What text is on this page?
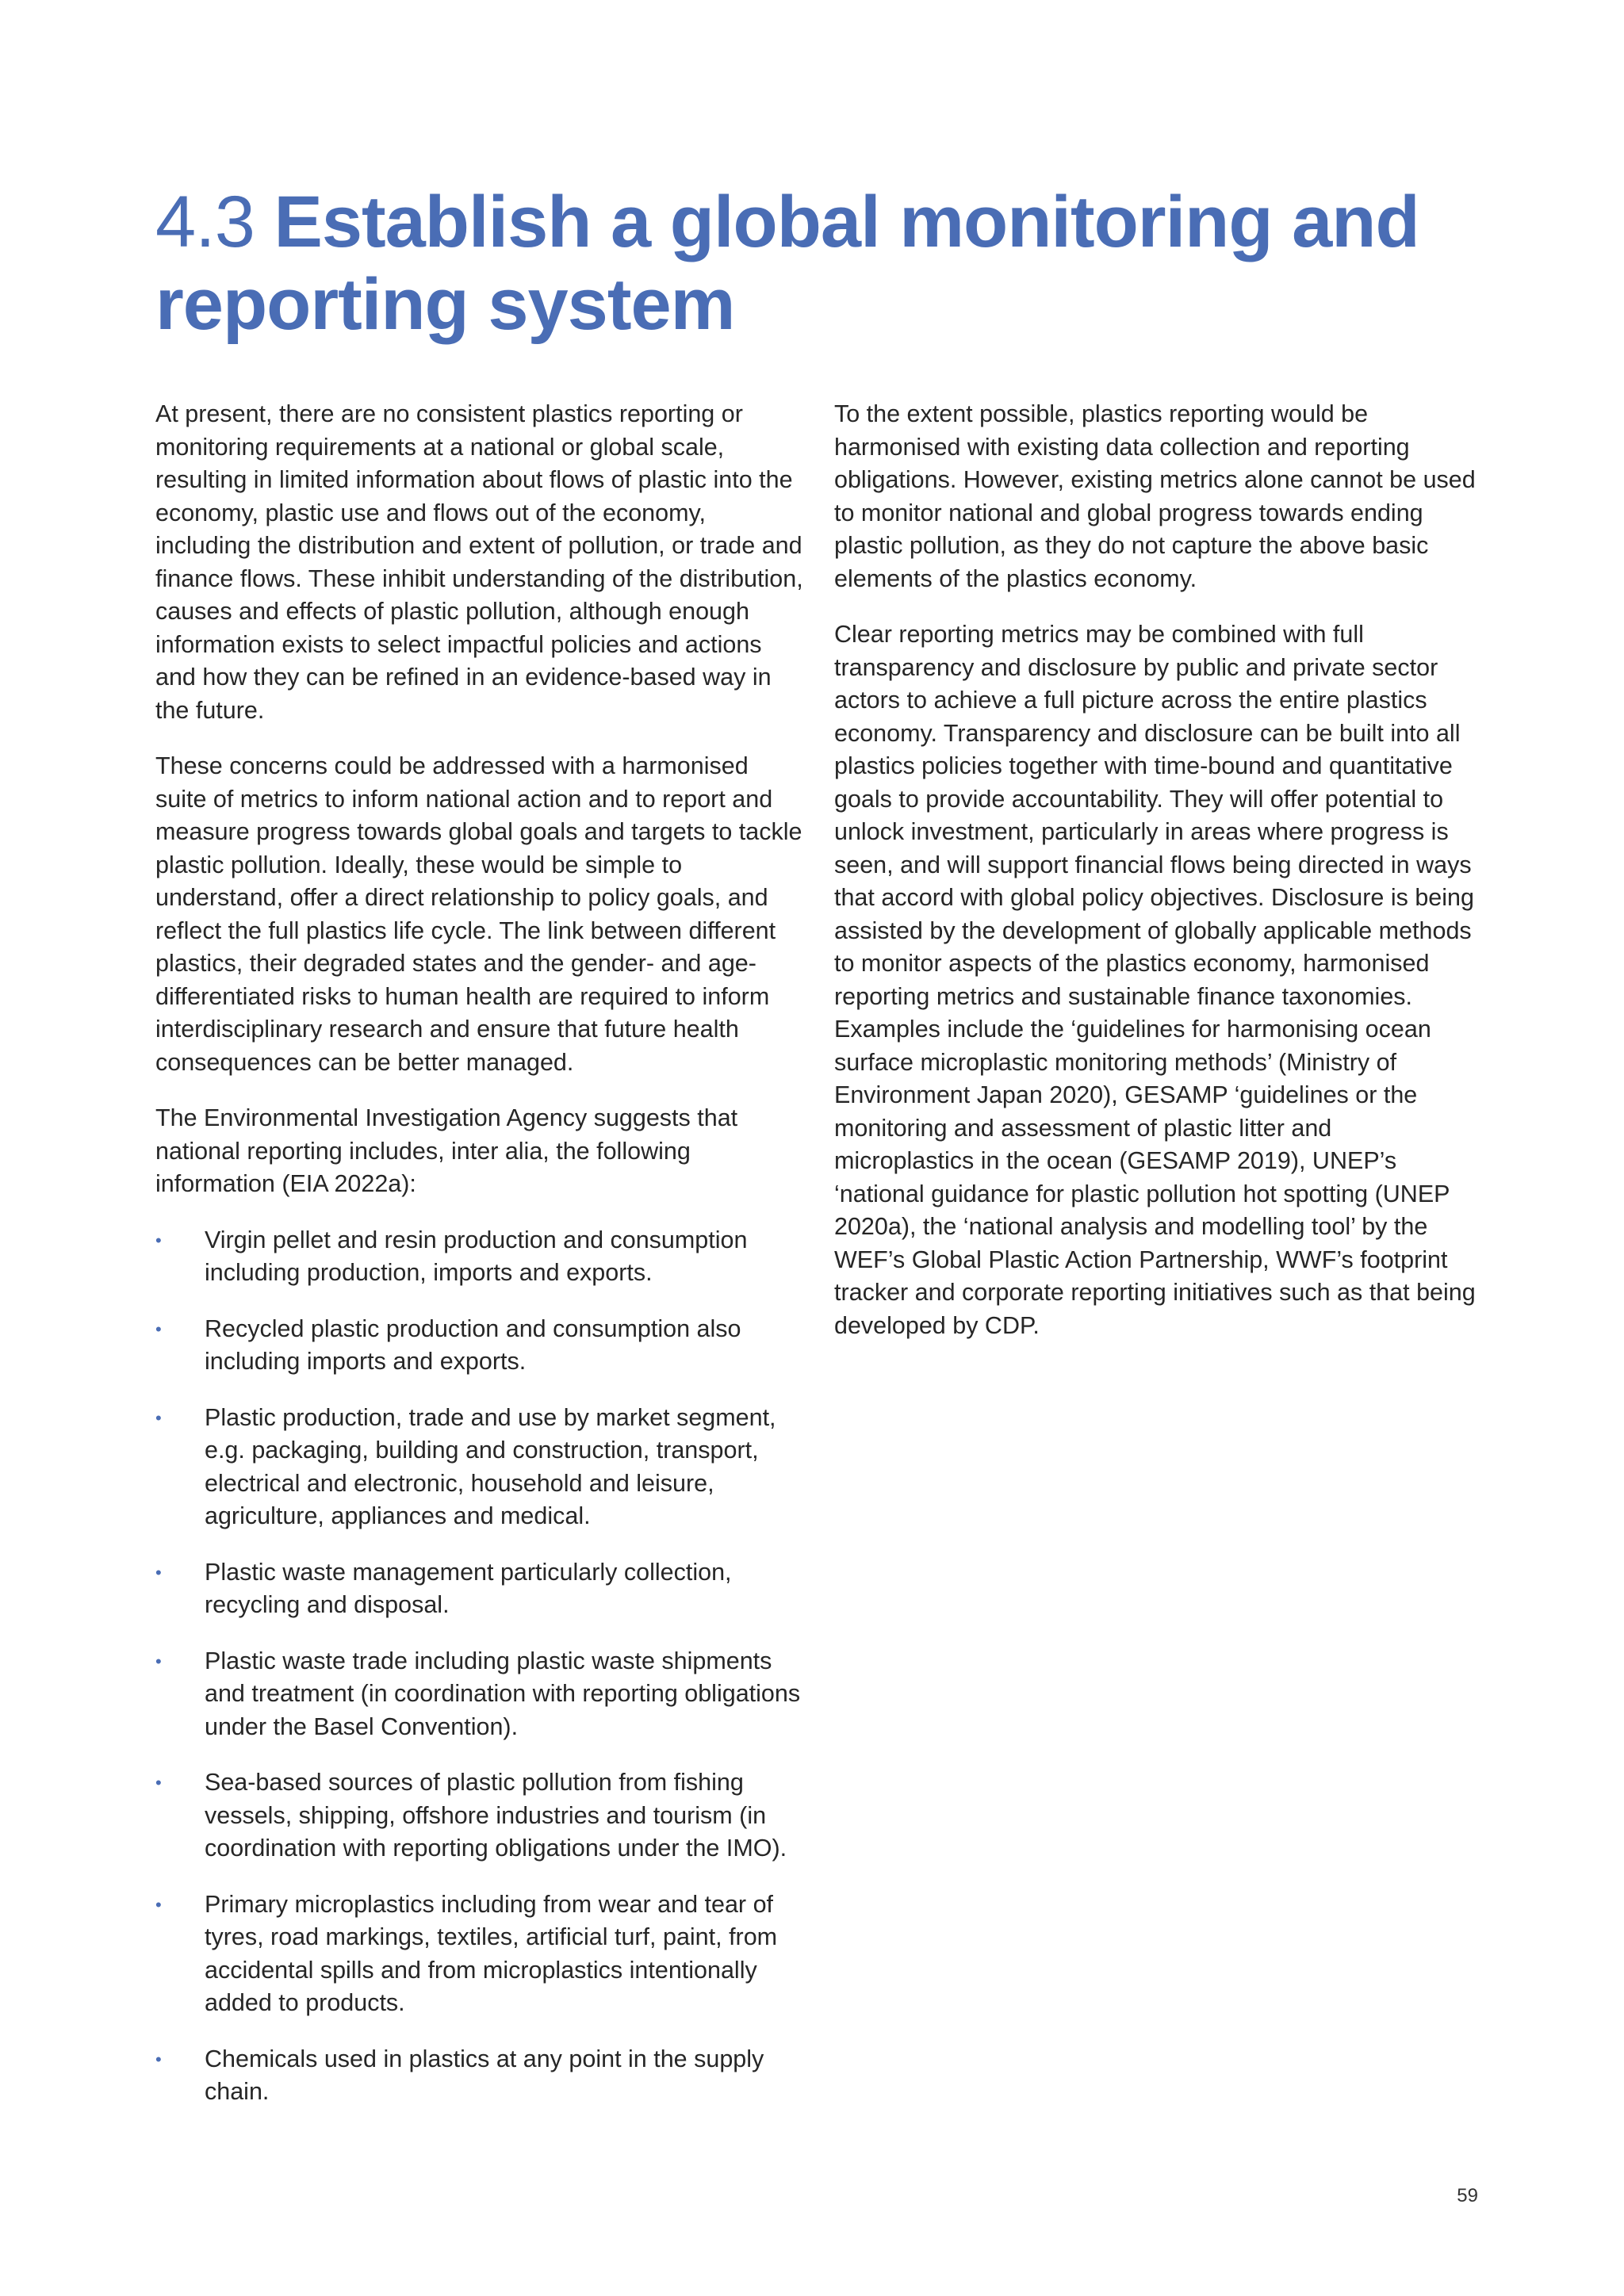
4.3 Establish a global monitoring and reporting system

At present, there are no consistent plastics reporting or monitoring requirements at a national or global scale, resulting in limited information about flows of plastic into the economy, plastic use and flows out of the economy, including the distribution and extent of pollution, or trade and finance flows. These inhibit understanding of the distribution, causes and effects of plastic pollution, although enough information exists to select impactful policies and actions and how they can be refined in an evidence-based way in the future.

These concerns could be addressed with a harmonised suite of metrics to inform national action and to report and measure progress towards global goals and targets to tackle plastic pollution. Ideally, these would be simple to understand, offer a direct relationship to policy goals, and reflect the full plastics life cycle. The link between different plastics, their degraded states and the gender- and age-differentiated risks to human health are required to inform interdisciplinary research and ensure that future health consequences can be better managed.

The Environmental Investigation Agency suggests that national reporting includes, inter alia, the following information (EIA 2022a):

•	Virgin pellet and resin production and consumption including production, imports and exports.
•	Recycled plastic production and consumption also including imports and exports.
•	Plastic production, trade and use by market segment, e.g. packaging, building and construction, transport, electrical and electronic, household and leisure, agriculture, appliances and medical.
•	Plastic waste management particularly collection, recycling and disposal.
•	Plastic waste trade including plastic waste shipments and treatment (in coordination with reporting obligations under the Basel Convention).
•	Sea-based sources of plastic pollution from fishing vessels, shipping, offshore industries and tourism (in coordination with reporting obligations under the IMO).
•	Primary microplastics including from wear and tear of tyres, road markings, textiles, artificial turf, paint, from accidental spills and from microplastics intentionally added to products.
•	Chemicals used in plastics at any point in the supply chain.

To the extent possible, plastics reporting would be harmonised with existing data collection and reporting obligations. However, existing metrics alone cannot be used to monitor national and global progress towards ending plastic pollution, as they do not capture the above basic elements of the plastics economy.

Clear reporting metrics may be combined with full transparency and disclosure by public and private sector actors to achieve a full picture across the entire plastics economy. Transparency and disclosure can be built into all plastics policies together with time-bound and quantitative goals to provide accountability. They will offer potential to unlock investment, particularly in areas where progress is seen, and will support financial flows being directed in ways that accord with global policy objectives. Disclosure is being assisted by the development of globally applicable methods to monitor aspects of the plastics economy, harmonised reporting metrics and sustainable finance taxonomies. Examples include the ‘guidelines for harmonising ocean surface microplastic monitoring methods’ (Ministry of Environment Japan 2020), GESAMP ‘guidelines or the monitoring and assessment of plastic litter and microplastics in the ocean (GESAMP 2019), UNEP’s ‘national guidance for plastic pollution hot spotting (UNEP 2020a), the ‘national analysis and modelling tool’ by the WEF’s Global Plastic Action Partnership, WWF’s footprint tracker and corporate reporting initiatives such as that being developed by CDP.

59
